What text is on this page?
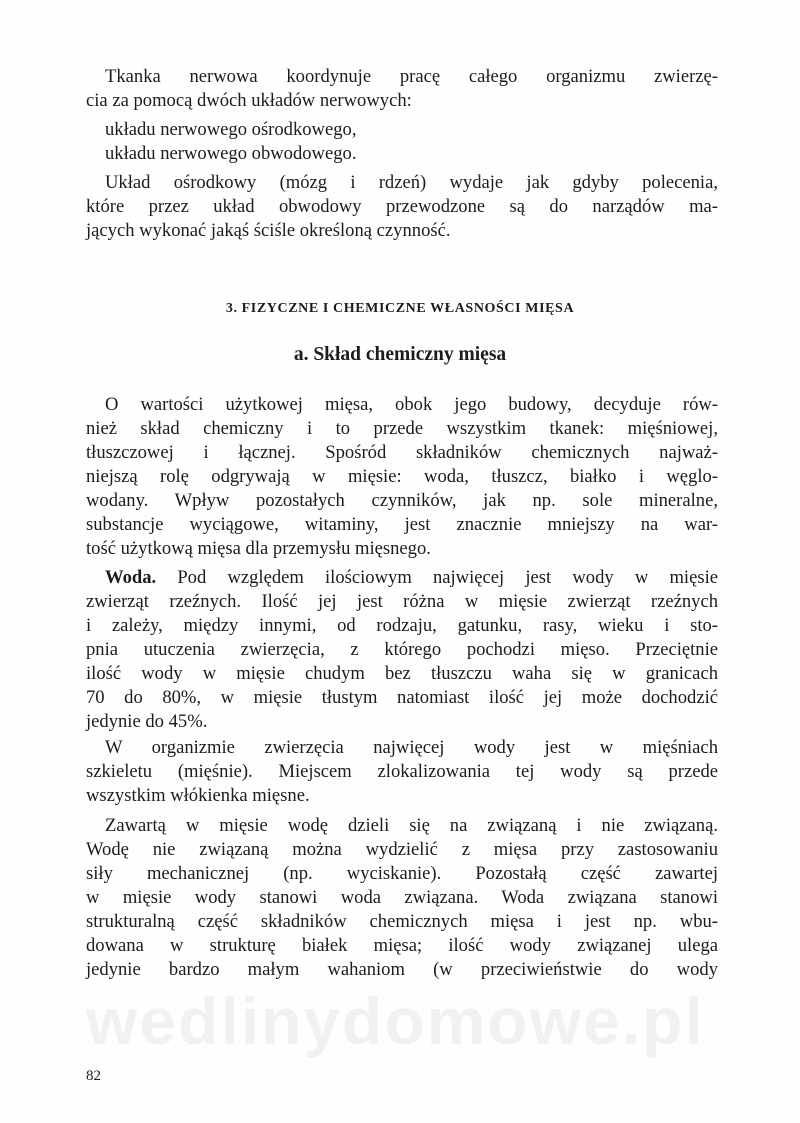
wedlinydomowe.pl
Tkanka nerwowa koordynuje pracę całego organizmu zwierzę-
cia za pomocą dwóch układów nerwowych:
układu nerwowego ośrodkowego,
układu nerwowego obwodowego.
Układ ośrodkowy (mózg i rdzeń) wydaje jak gdyby polecenia,
które przez układ obwodowy przewodzone są do narządów ma-
jących wykonać jakąś ściśle określoną czynność.
3. FIZYCZNE I CHEMICZNE WŁASNOŚCI MIĘSA
a. Skład chemiczny mięsa
O wartości użytkowej mięsa, obok jego budowy, decyduje rów-
nież skład chemiczny i to przede wszystkim tkanek: mięśniowej,
tłuszczowej i łącznej. Spośród składników chemicznych najważ-
niejszą rolę odgrywają w mięsie: woda, tłuszcz, białko i węglo-
wodany. Wpływ pozostałych czynników, jak np. sole mineralne,
substancje wyciągowe, witaminy, jest znacznie mniejszy na war-
tość użytkową mięsa dla przemysłu mięsnego.
Woda. Pod względem ilościowym najwięcej jest wody w mięsie
zwierząt rzeźnych. Ilość jej jest różna w mięsie zwierząt rzeźnych
i zależy, między innymi, od rodzaju, gatunku, rasy, wieku i sto-
pnia utuczenia zwierzęcia, z którego pochodzi mięso. Przeciętnie
ilość wody w mięsie chudym bez tłuszczu waha się w granicach
70 do 80%, w mięsie tłustym natomiast ilość jej może dochodzić
jedynie do 45%.
W organizmie zwierzęcia najwięcej wody jest w mięśniach
szkieletu (mięśnie). Miejscem zlokalizowania tej wody są przede
wszystkim włókienka mięsne.
Zawartą w mięsie wodę dzieli się na związaną i nie związaną.
Wodę nie związaną można wydzielić z mięsa przy zastosowaniu
siły mechanicznej (np. wyciskanie). Pozostałą część zawartej
w mięsie wody stanowi woda związana. Woda związana stanowi
strukturalną część składników chemicznych mięsa i jest np. wbu-
dowana w strukturę białek mięsa; ilość wody związanej ulega
jedynie bardzo małym wahaniom (w przeciwieństwie do wody
82
